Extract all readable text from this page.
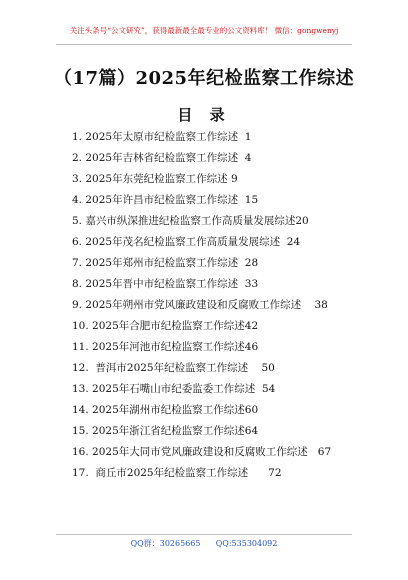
关注头条号“公文研究”，获得最新最全最专业的公文资料库！ 微信：gongwenyj
（17篇）2025年纪检监察工作综述
目 录
1. 2025年太原市纪检监察工作综述 1
2. 2025年吉林省纪检监察工作综述 4
3. 2025年东莞纪检监察工作综述 9
4. 2025年许昌市纪检监察工作综述 15
5. 嘉兴市纵深推进纪检监察工作高质量发展综述20
6. 2025年茂名纪检监察工作高质量发展综述 24
7. 2025年郑州市纪检监察工作综述 28
8. 2025年晋中市纪检监察工作综述 33
9. 2025年朔州市党风廉政建设和反腐败工作综述 38
10. 2025年合肥市纪检监察工作综述42
11. 2025年河池市纪检监察工作综述46
12. 普洱市2025年纪检监察工作综述 50
13. 2025年石嘴山市纪委监委工作综述 54
14. 2025年湖州市纪检监察工作综述60
15. 2025年浙江省纪检监察工作综述64
16. 2025年大同市党风廉政建设和反腐败工作综述 67
17. 商丘市2025年纪检监察工作综述 72
QQ群：30265665 QQ:535304092
